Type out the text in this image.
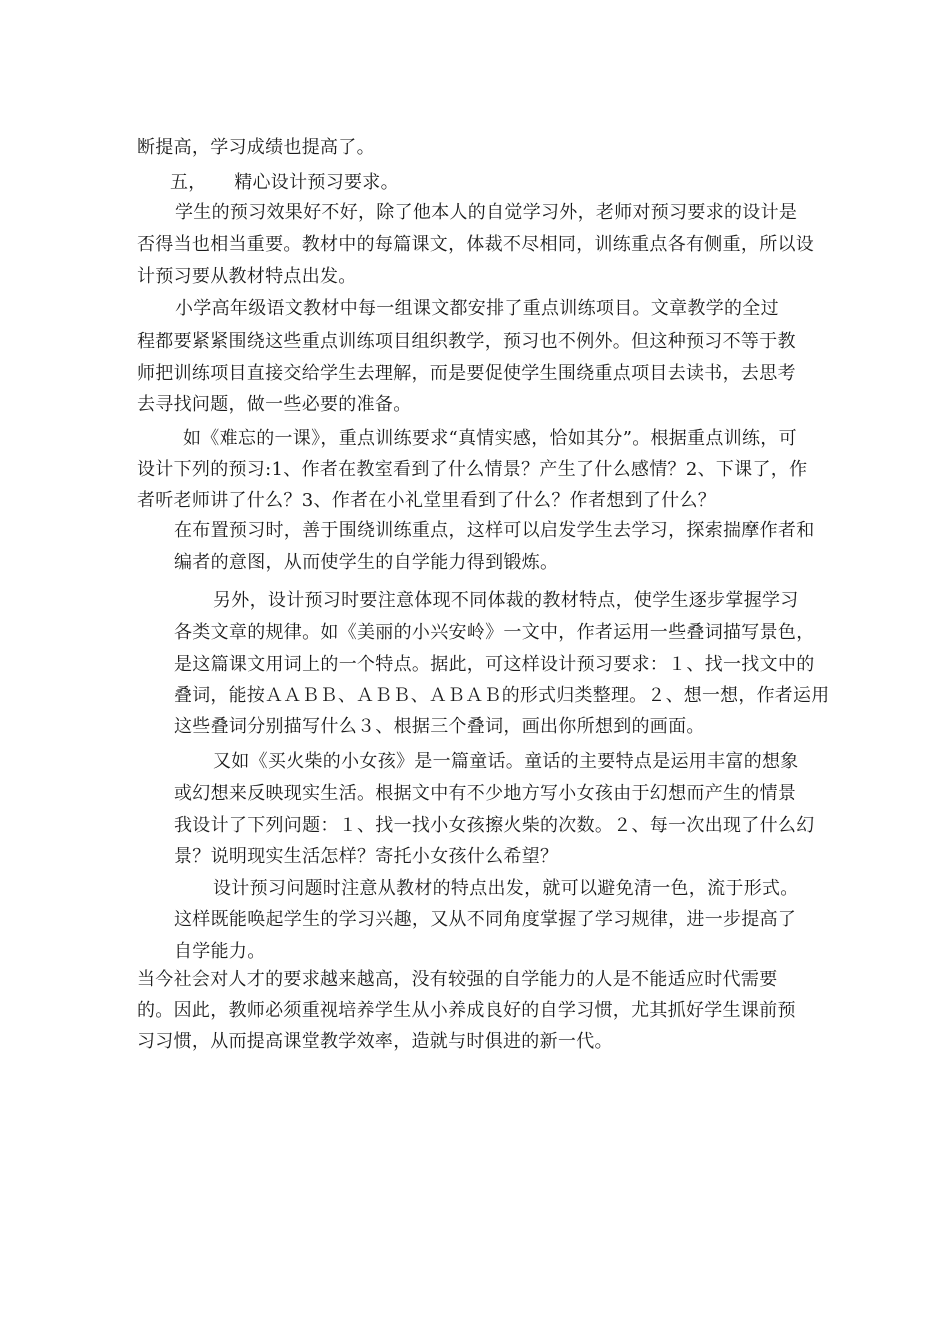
断提高，学习成绩也提高了。
五，　　精心设计预习要求。
学生的预习效果好不好，除了他本人的自觉学习外，老师对预习要求的设计是
否得当也相当重要。教材中的每篇课文，体裁不尽相同，训练重点各有侧重，所以设
计预习要从教材特点出发。
小学高年级语文教材中每一组课文都安排了重点训练项目。文章教学的全过
程都要紧紧围绕这些重点训练项目组织教学，预习也不例外。但这种预习不等于教
师把训练项目直接交给学生去理解，而是要促使学生围绕重点项目去读书，去思考
去寻找问题，做一些必要的准备。
如《难忘的一课》，重点训练要求“真情实感，恰如其分”。根据重点训练，可
设计下列的预习:1、作者在教室看到了什么情景？产生了什么感情？2、下课了，作
者听老师讲了什么？3、作者在小礼堂里看到了什么？作者想到了什么？
在布置预习时，善于围绕训练重点，这样可以启发学生去学习，探索揣摩作者和
编者的意图，从而使学生的自学能力得到锻炼。
另外，设计预习时要注意体现不同体裁的教材特点，使学生逐步掌握学习
各类文章的规律。如《美丽的小兴安岭》一文中，作者运用一些叠词描写景色，
是这篇课文用词上的一个特点。据此，可这样设计预习要求：１、找一找文中的
叠词，能按ＡＡＢＢ、ＡＢＢ、ＡＢＡＢ的形式归类整理。２、想一想，作者运用
这些叠词分别描写什么３、根据三个叠词，画出你所想到的画面。
又如《买火柴的小女孩》是一篇童话。童话的主要特点是运用丰富的想象
或幻想来反映现实生活。根据文中有不少地方写小女孩由于幻想而产生的情景
我设计了下列问题：１、找一找小女孩擦火柴的次数。２、每一次出现了什么幻
景？说明现实生活怎样？寄托小女孩什么希望？
设计预习问题时注意从教材的特点出发，就可以避免清一色，流于形式。
这样既能唤起学生的学习兴趣，又从不同角度掌握了学习规律，进一步提高了
自学能力。
当今社会对人才的要求越来越高，没有较强的自学能力的人是不能适应时代需要
的。因此，教师必须重视培养学生从小养成良好的自学习惯，尤其抓好学生课前预
习习惯，从而提高课堂教学效率，造就与时俱进的新一代。
